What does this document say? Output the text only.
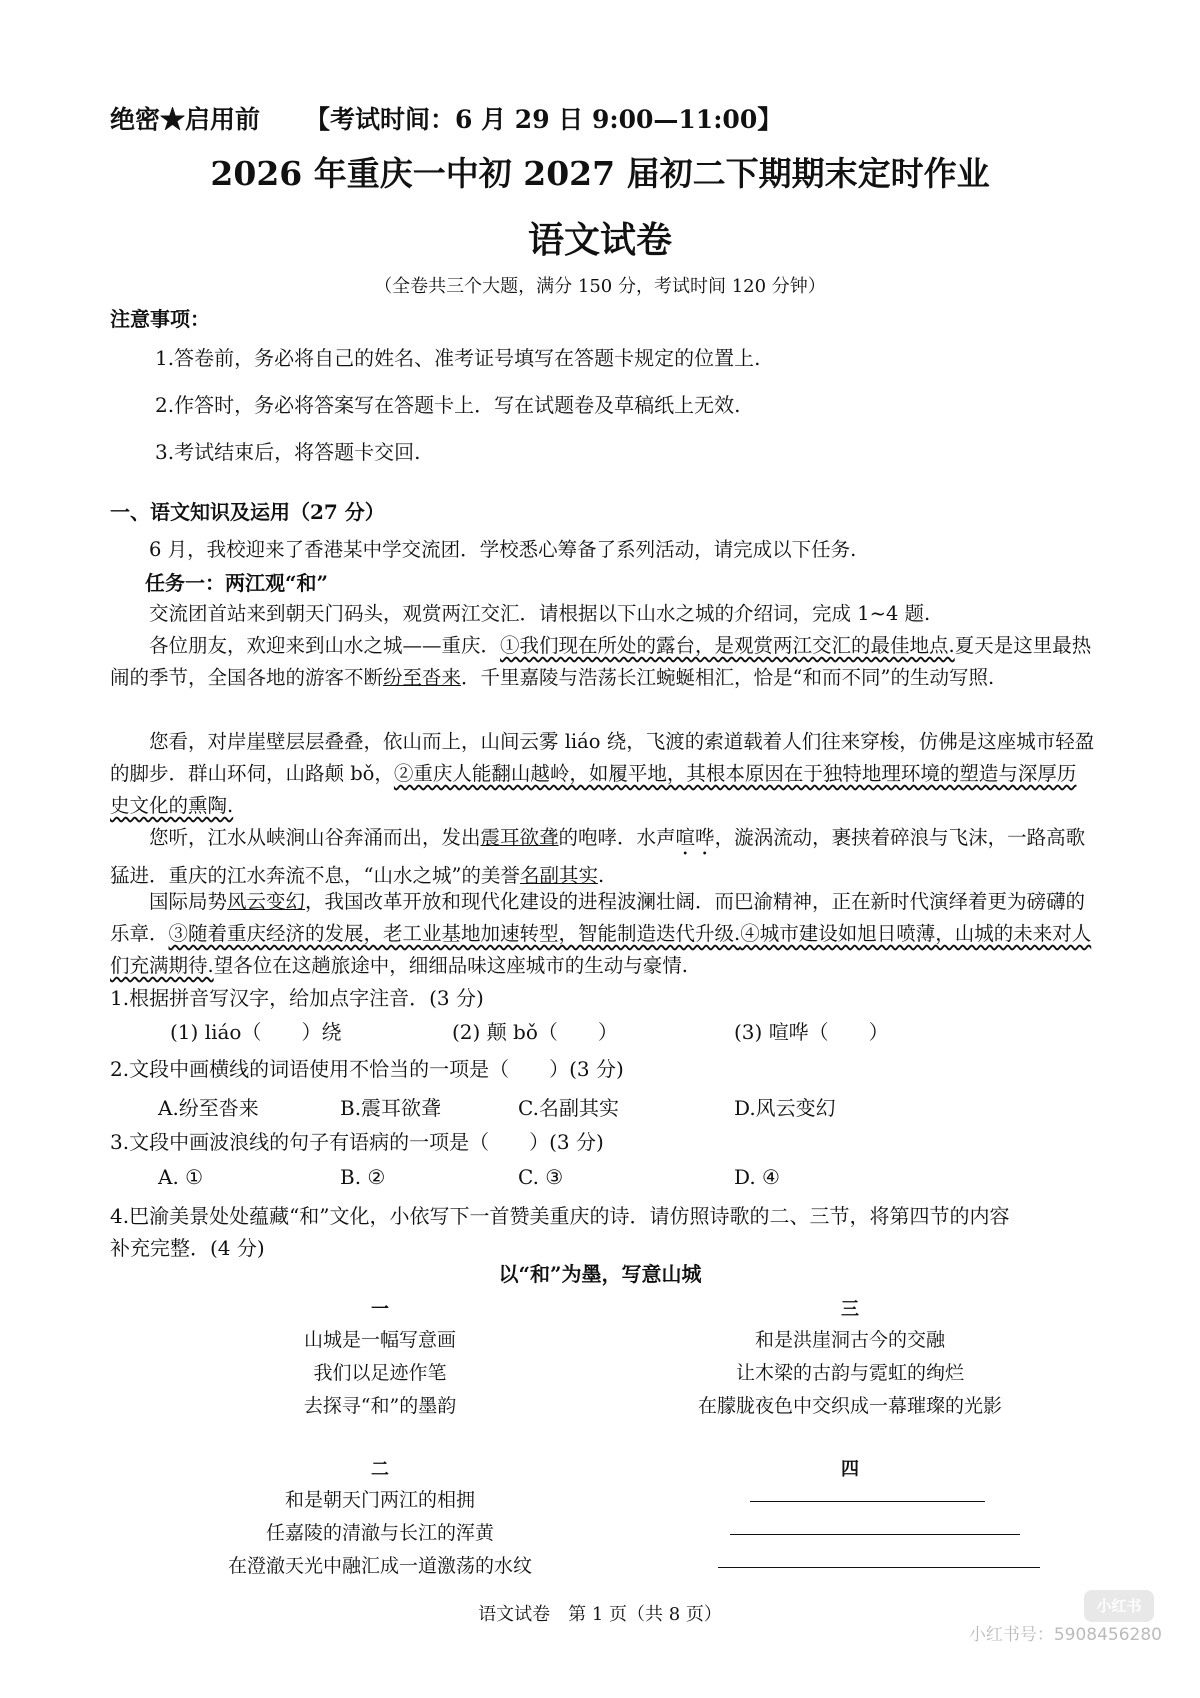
绝密★启用前 【考试时间：6 月 29 日 9:00—11:00】
2026 年重庆一中初 2027 届初二下期期末定时作业
语文试卷
（全卷共三个大题，满分 150 分，考试时间 120 分钟）
注意事项：
1.答卷前，务必将自己的姓名、准考证号填写在答题卡规定的位置上.
2.作答时，务必将答案写在答题卡上．写在试题卷及草稿纸上无效.
3.考试结束后，将答题卡交回.
一、语文知识及运用（27 分）
6 月，我校迎来了香港某中学交流团．学校悉心筹备了系列活动，请完成以下任务.
任务一：两江观“和”
交流团首站来到朝天门码头，观赏两江交汇．请根据以下山水之城的介绍词，完成 1~4 题.
各位朋友，欢迎来到山水之城——重庆．①我们现在所处的露台，是观赏两江交汇的最佳地点.夏天是这里最热闹的季节，全国各地的游客不断纷至沓来．千里嘉陵与浩荡长江蜿蜒相汇，恰是“和而不同”的生动写照.
您看，对岸崖壁层层叠叠，依山而上，山间云雾 liáo 绕，飞渡的索道载着人们往来穿梭，仿佛是这座城市轻盈的脚步．群山环伺，山路颠 bǒ，②重庆人能翻山越岭，如履平地，其根本原因在于独特地理环境的塑造与深厚历史文化的熏陶.
您听，江水从峡涧山谷奔涌而出，发出震耳欲聋的咆哮．水声喧哗，漩涡流动，裹挟着碎浪与飞沫，一路高歌猛进．重庆的江水奔流不息，“山水之城”的美誉名副其实.
国际局势风云变幻，我国改革开放和现代化建设的进程波澜壮阔．而巴渝精神，正在新时代演绎着更为磅礴的乐章．③随着重庆经济的发展，老工业基地加速转型，智能制造迭代升级.④城市建设如旭日喷薄，山城的未来对人们充满期待.望各位在这趟旅途中，细细品味这座城市的生动与豪情.
1.根据拼音写汉字，给加点字注音．(3 分)
(1) liáo（　　）绕	(2) 颠 bǒ（　　）	(3) 喧哗（　　）
2.文段中画横线的词语使用不恰当的一项是（　　）(3 分)
A.纷至沓来	B.震耳欲聋	C.名副其实	D.风云变幻
3.文段中画波浪线的句子有语病的一项是（　　）(3 分)
A. ①	B. ②	C. ③	D. ④
4.巴渝美景处处蕴藏“和”文化，小依写下一首赞美重庆的诗．请仿照诗歌的二、三节，将第四节的内容
补充完整．(4 分)
以“和”为墨，写意山城
一
山城是一幅写意画
我们以足迹作笔
去探寻“和”的墨韵
三
和是洪崖洞古今的交融
让木梁的古韵与霓虹的绚烂
在朦胧夜色中交织成一幕璀璨的光影
二
和是朝天门两江的相拥
任嘉陵的清澈与长江的浑黄
在澄澈天光中融汇成一道激荡的水纹
四
语文试卷　第 1 页（共 8 页）	小红书
小红书号：5908456280
